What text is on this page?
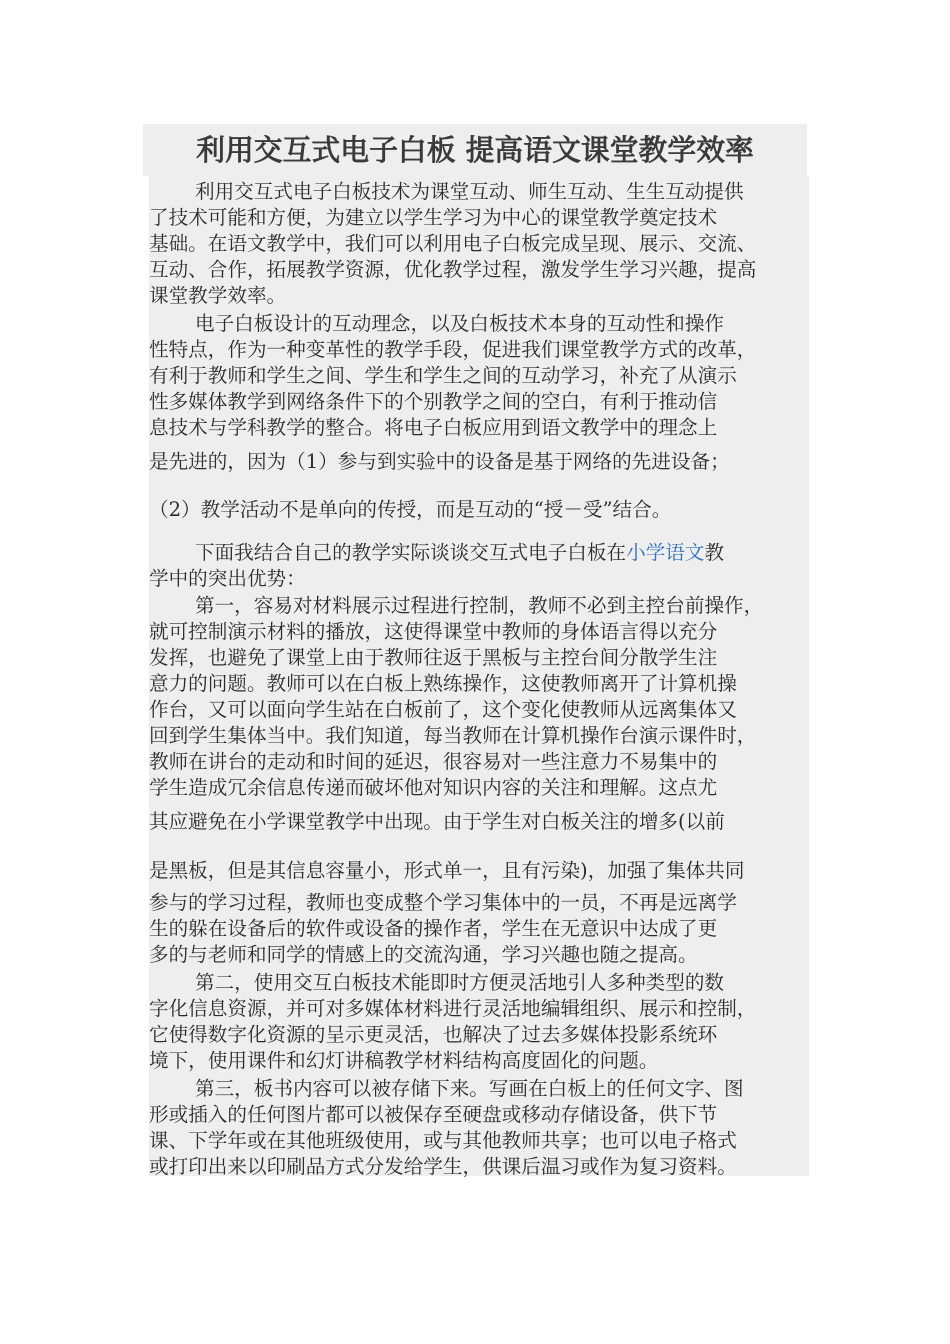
利用交互式电子白板 提高语文课堂教学效率
利用交互式电子白板技术为课堂互动、师生互动、生生互动提供
了技术可能和方便，为建立以学生学习为中心的课堂教学奠定技术
基础。在语文教学中，我们可以利用电子白板完成呈现、展示、交流、
互动、合作，拓展教学资源，优化教学过程，激发学生学习兴趣，提高
课堂教学效率。
电子白板设计的互动理念，以及白板技术本身的互动性和操作
性特点，作为一种变革性的教学手段，促进我们课堂教学方式的改革，
有利于教师和学生之间、学生和学生之间的互动学习，补充了从演示
性多媒体教学到网络条件下的个别教学之间的空白，有利于推动信
息技术与学科教学的整合。将电子白板应用到语文教学中的理念上
是先进的，因为（1）参与到实验中的设备是基于网络的先进设备；
（2）教学活动不是单向的传授，而是互动的“授－受”结合。
下面我结合自己的教学实际谈谈交互式电子白板在小学语文教
学中的突出优势：
第一，容易对材料展示过程进行控制，教师不必到主控台前操作，
就可控制演示材料的播放，这使得课堂中教师的身体语言得以充分
发挥，也避免了课堂上由于教师往返于黑板与主控台间分散学生注
意力的问题。教师可以在白板上熟练操作，这使教师离开了计算机操
作台，又可以面向学生站在白板前了，这个变化使教师从远离集体又
回到学生集体当中。我们知道，每当教师在计算机操作台演示课件时，
教师在讲台的走动和时间的延迟，很容易对一些注意力不易集中的
学生造成冗余信息传递而破坏他对知识内容的关注和理解。这点尤
其应避免在小学课堂教学中出现。由于学生对白板关注的增多(以前
是黑板，但是其信息容量小，形式单一，且有污染)，加强了集体共同
参与的学习过程，教师也变成整个学习集体中的一员，不再是远离学
生的躲在设备后的软件或设备的操作者，学生在无意识中达成了更
多的与老师和同学的情感上的交流沟通，学习兴趣也随之提高。
第二，使用交互白板技术能即时方便灵活地引人多种类型的数
字化信息资源，并可对多媒体材料进行灵活地编辑组织、展示和控制，
它使得数字化资源的呈示更灵活，也解决了过去多媒体投影系统环
境下，使用课件和幻灯讲稿教学材料结构高度固化的问题。
第三，板书内容可以被存储下来。写画在白板上的任何文字、图
形或插入的任何图片都可以被保存至硬盘或移动存储设备，供下节
课、下学年或在其他班级使用，或与其他教师共享；也可以电子格式
或打印出来以印刷品方式分发给学生，供课后温习或作为复习资料。
